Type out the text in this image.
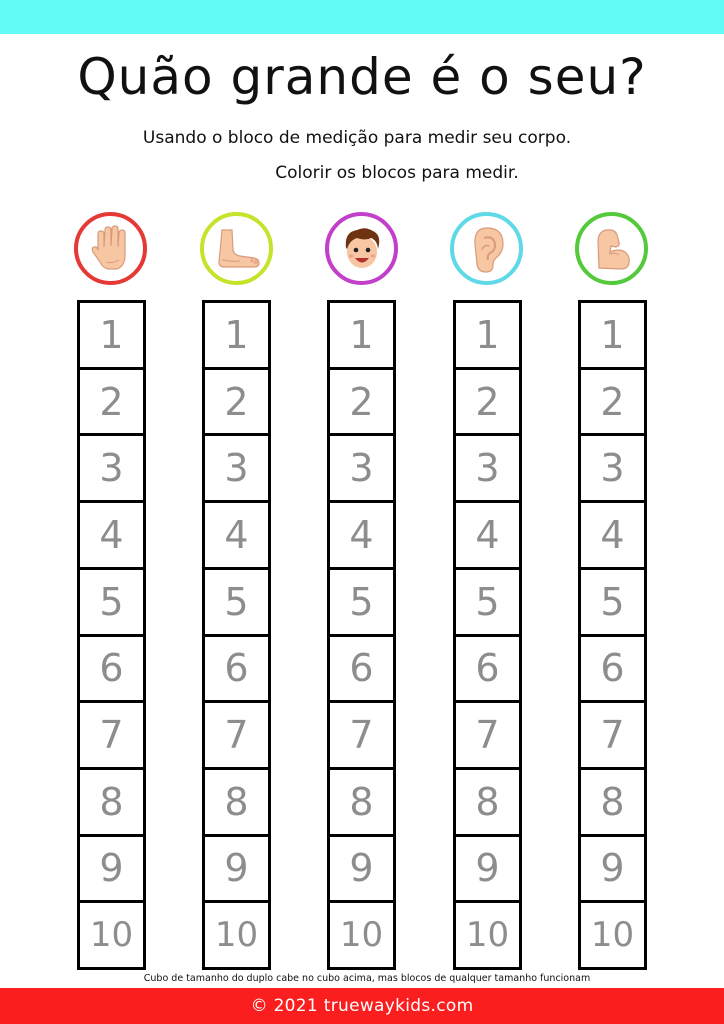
Quão grande é o seu?
Usando o bloco de medição para medir seu corpo.
Colorir os blocos para medir.
1
2
3
4
5
6
7
8
9
10
1
2
3
4
5
6
7
8
9
10
1
2
3
4
5
6
7
8
9
10
1
2
3
4
5
6
7
8
9
10
1
2
3
4
5
6
7
8
9
10
Cubo de tamanho do duplo cabe no cubo acima, mas blocos de qualquer tamanho funcionam
© 2021 truewaykids.com
